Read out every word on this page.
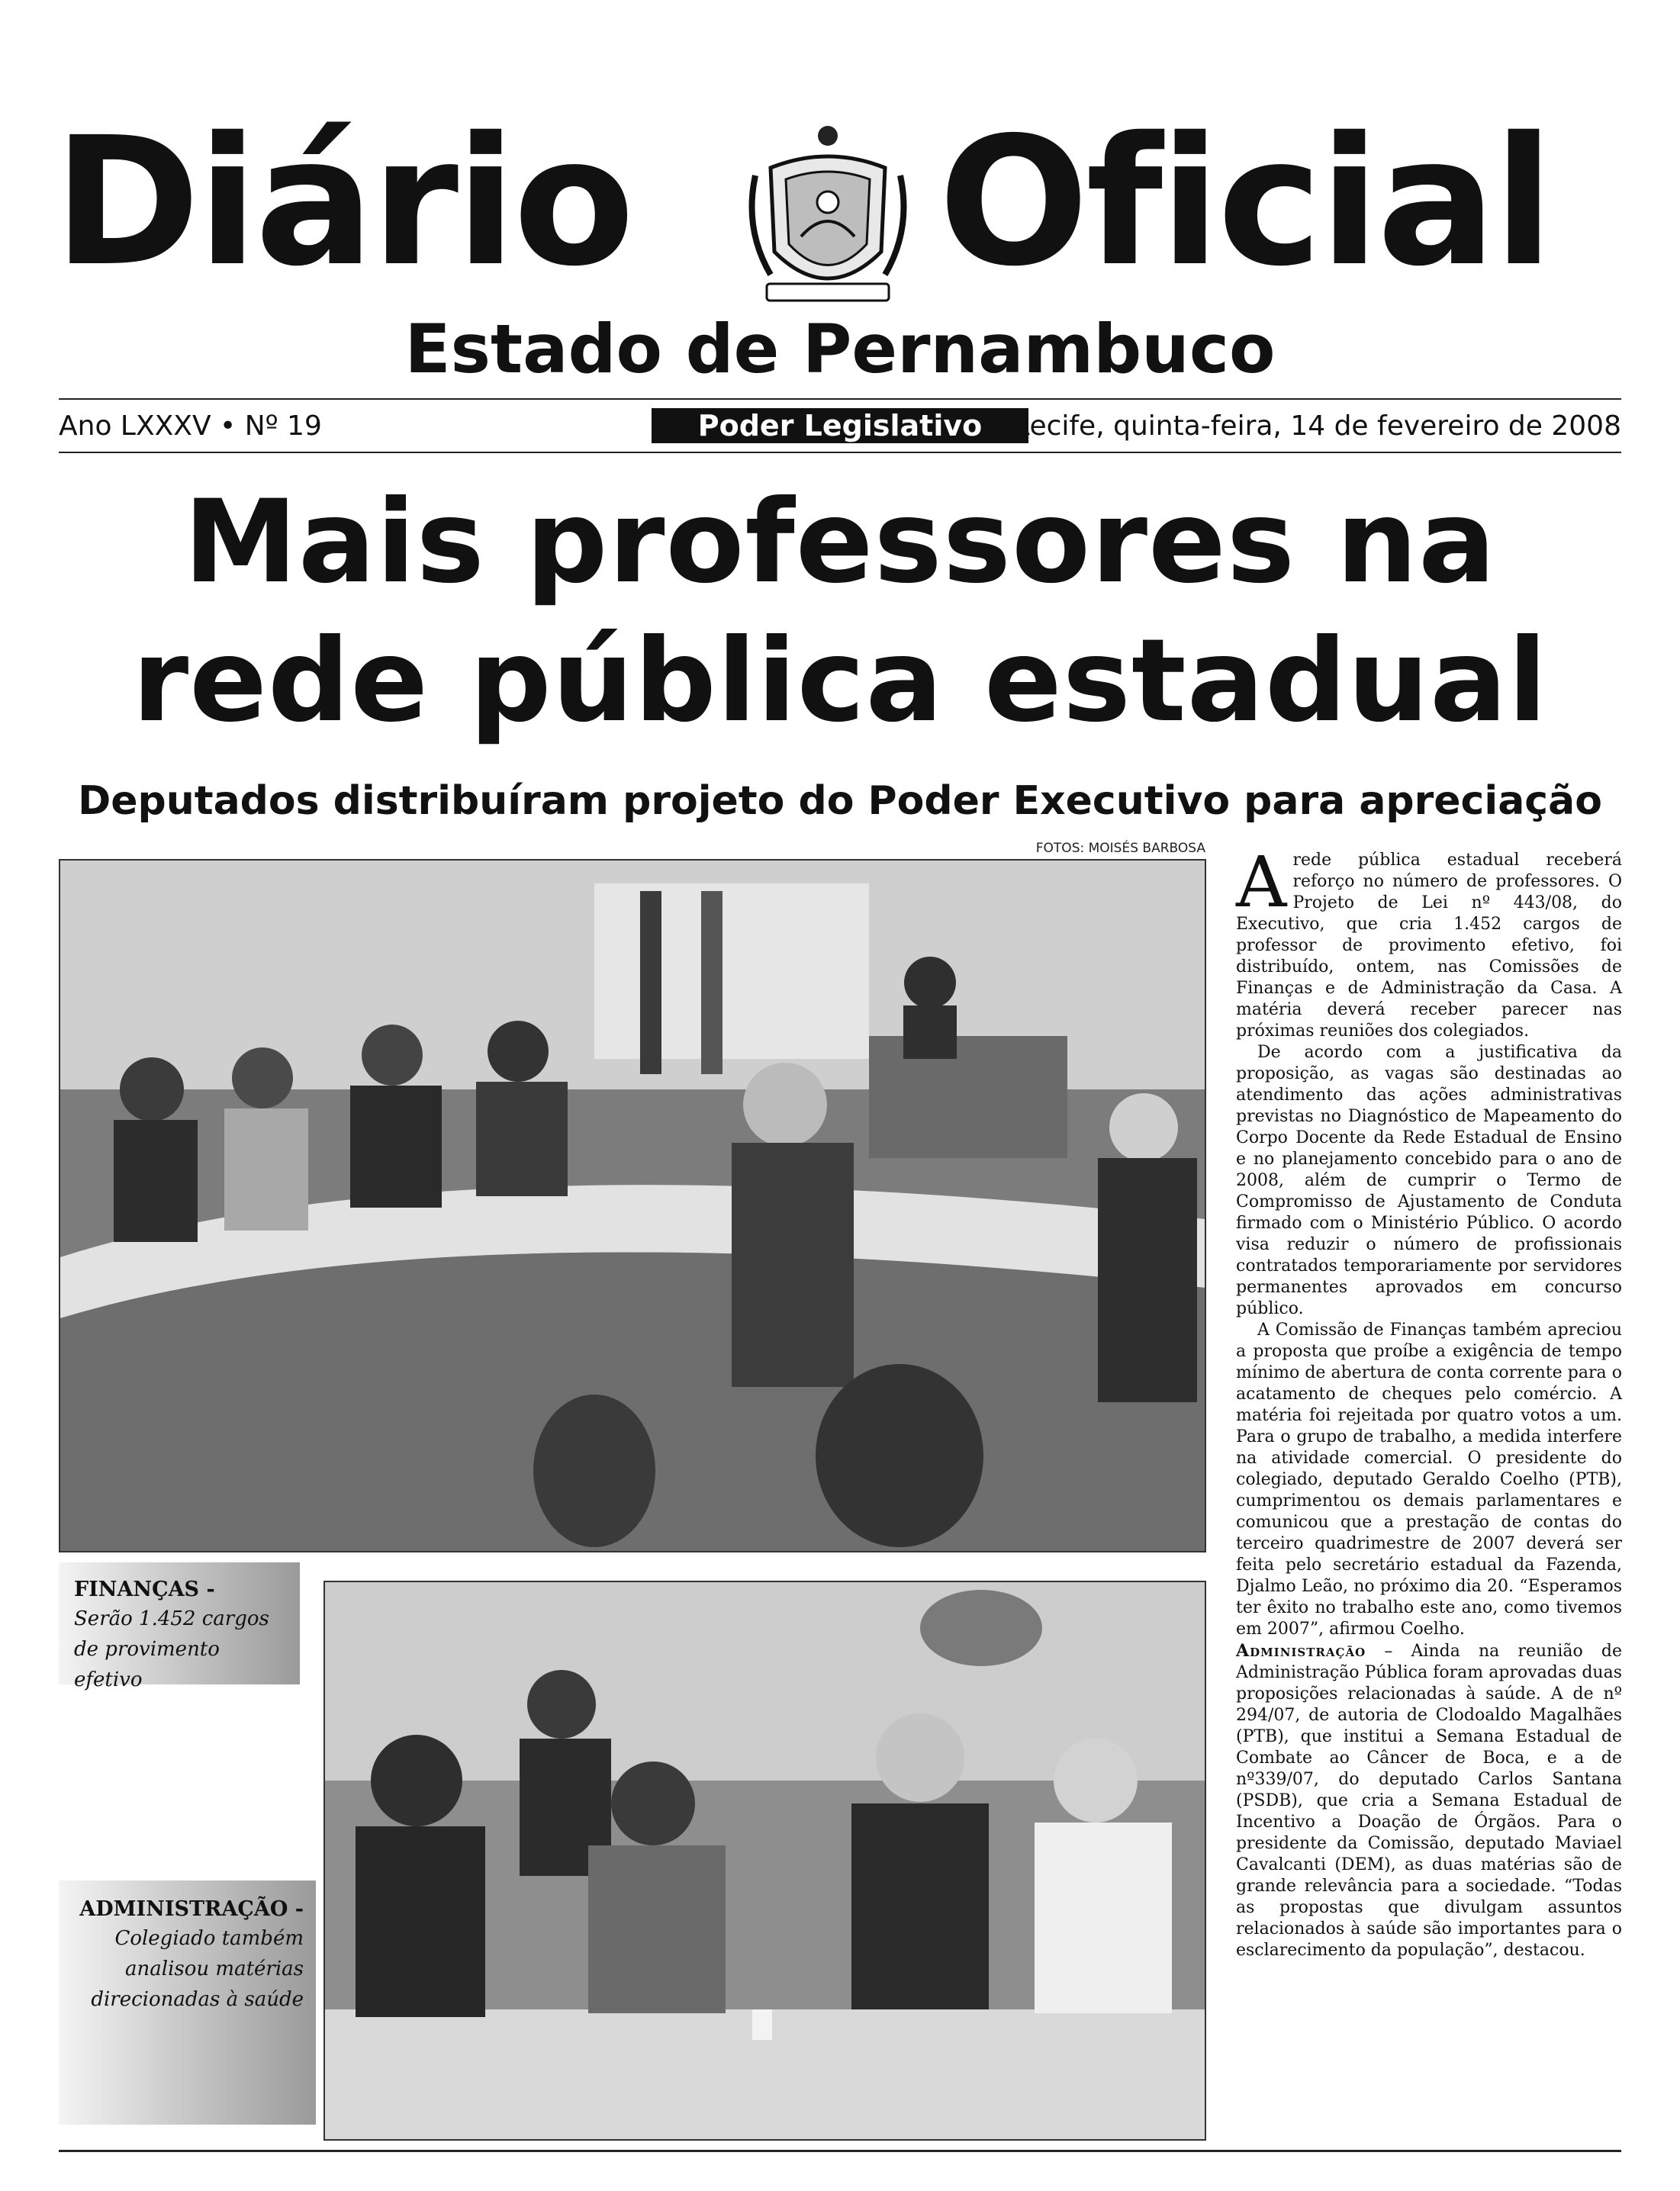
Diário Oficial
Estado de Pernambuco
Ano LXXXV • Nº 19	Poder Legislativo	Recife, quinta-feira, 14 de fevereiro de 2008
Mais professores na
rede pública estadual
Deputados distribuíram projeto do Poder Executivo para apreciação
FOTOS: MOISÉS BARBOSA
FINANÇAS -
Serão 1.452 cargos de provimento efetivo
ADMINISTRAÇÃO -
Colegiado também analisou matérias direcionadas à saúde

Arede pública estadual receberá reforço no número de professores. O Projeto de Lei nº 443/08, do Executivo, que cria 1.452 cargos de professor de provimento efetivo, foi distribuído, ontem, nas Comissões de Finanças e de Administração da Casa. A matéria deverá receber parecer nas próximas reuniões dos colegiados.

De acordo com a justificativa da proposição, as vagas são destinadas ao atendimento das ações administrativas previstas no Diagnóstico de Mapeamento do Corpo Docente da Rede Estadual de Ensino e no planejamento concebido para o ano de 2008, além de cumprir o Termo de Compromisso de Ajustamento de Conduta firmado com o Ministério Público. O acordo visa reduzir o número de profissionais contratados temporariamente por servidores permanentes aprovados em concurso público.

A Comissão de Finanças também apreciou a proposta que proíbe a exigência de tempo mínimo de abertura de conta corrente para o acatamento de cheques pelo comércio. A matéria foi rejeitada por quatro votos a um. Para o grupo de trabalho, a medida interfere na atividade comercial. O presidente do colegiado, deputado Geraldo Coelho (PTB), cumprimentou os demais parlamentares e comunicou que a prestação de contas do terceiro quadrimestre de 2007 deverá ser feita pelo secretário estadual da Fazenda, Djalmo Leão, no próximo dia 20. “Esperamos ter êxito no trabalho este ano, como tivemos em 2007”, afirmou Coelho.

Administração – Ainda na reunião de Administração Pública foram aprovadas duas proposições relacionadas à saúde. A de nº 294/07, de autoria de Clodoaldo Magalhães (PTB), que institui a Semana Estadual de Combate ao Câncer de Boca, e a de nº339/07, do deputado Carlos Santana (PSDB), que cria a Semana Estadual de Incentivo a Doação de Órgãos. Para o presidente da Comissão, deputado Maviael Cavalcanti (DEM), as duas matérias são de grande relevância para a sociedade. “Todas as propostas que divulgam assuntos relacionados à saúde são importantes para o esclarecimento da população”, destacou.
